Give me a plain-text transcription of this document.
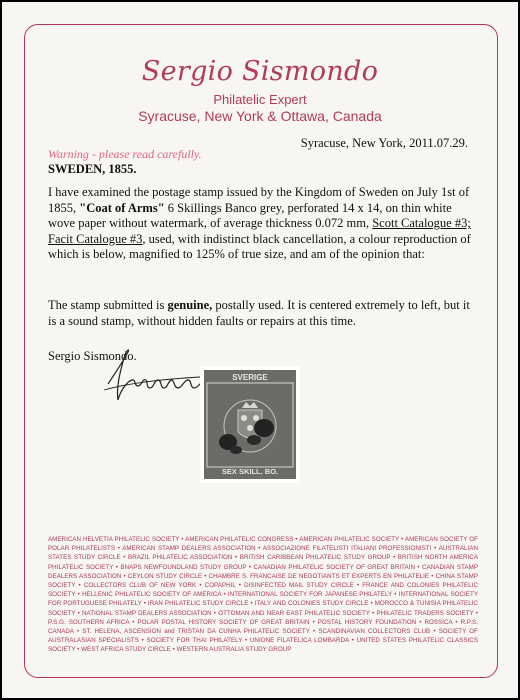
Sergio Sismondo
Philatelic Expert
Syracuse, New York & Ottawa, Canada
Syracuse, New York, 2011.07.29.
Warning - please read carefully.
SWEDEN, 1855.
I have examined the postage stamp issued by the Kingdom of Sweden on July 1st of 1855, "Coat of Arms" 6 Skillings Banco grey, perforated 14 x 14, on thin white wove paper without watermark, of average thickness 0.072 mm, Scott Catalogue #3; Facit Catalogue #3, used, with indistinct black cancellation, a colour reproduction of which is below, magnified to 125% of true size, and am of the opinion that:
The stamp submitted is genuine, postally used. It is centered extremely to left, but it is a sound stamp, without hidden faults or repairs at this time.
Sergio Sismondo.
SVERIGE
SEX SKILL. BO.
AMERICAN HELVETIA PHILATELIC SOCIETY • AMERICAN PHILATELIC CONGRESS • AMERICAN PHILATELIC SOCIETY • AMERICAN SOCIETY OF POLAR PHILATELISTS • AMERICAN STAMP DEALERS ASSOCIATION • ASSOCIAZIONE FILATELISTI ITALIANI PROFESSIONISTI • AUSTRALIAN STATES STUDY CIRCLE • BRAZIL PHILATELIC ASSOCIATION • BRITISH CARIBBEAN PHILATELIC STUDY GROUP • BRITISH NORTH AMERICA PHILATELIC SOCIETY • BNAPS NEWFOUNDLAND STUDY GROUP • CANADIAN PHILATELIC SOCIETY OF GREAT BRITAIN • CANADIAN STAMP DEALERS ASSOCIATION • CEYLON STUDY CIRCLE • CHAMBRE S. FRANCAISE DE NEGOTIANTS ET EXPERTS EN PHILATELIE • CHINA STAMP SOCIETY • COLLECTORS CLUB OF NEW YORK • COPAPHIL • DISINFECTED MAIL STUDY CIRCLE • FRANCE AND COLONIES PHILATELIC SOCIETY • HELLENIC PHILATELIC SOCIETY OF AMERICA • INTERNATIONAL SOCIETY FOR JAPANESE PHILATELY • INTERNATIONAL SOCIETY FOR PORTUGUESE PHILATELY • IRAN PHILATELIC STUDY CIRCLE • ITALY AND COLONIES STUDY CIRCLE • MOROCCO & TUNISIA PHILATELIC SOCIETY • NATIONAL STAMP DEALERS ASSOCIATION • OTTOMAN AND NEAR EAST PHILATELIC SOCIETY • PHILATELIC TRADERS SOCIETY • P.S.G. SOUTHERN AFRICA • POLAR POSTAL HISTORY SOCIETY OF GREAT BRITAIN • POSTAL HISTORY FOUNDATION • ROSSICA • R.P.S. CANADA • ST. HELENA, ASCENSION and TRISTAN DA CUNHA PHILATELIC SOCIETY • SCANDINAVIAN COLLECTORS CLUB • SOCIETY OF AUSTRALASIAN SPECIALISTS • SOCIETY FOR THAI PHILATELY • UNIONE FILATELICA LOMBARDA • UNITED STATES PHILATELIC CLASSICS SOCIETY • WEST AFRICA STUDY CIRCLE • WESTERN AUSTRALIA STUDY GROUP
